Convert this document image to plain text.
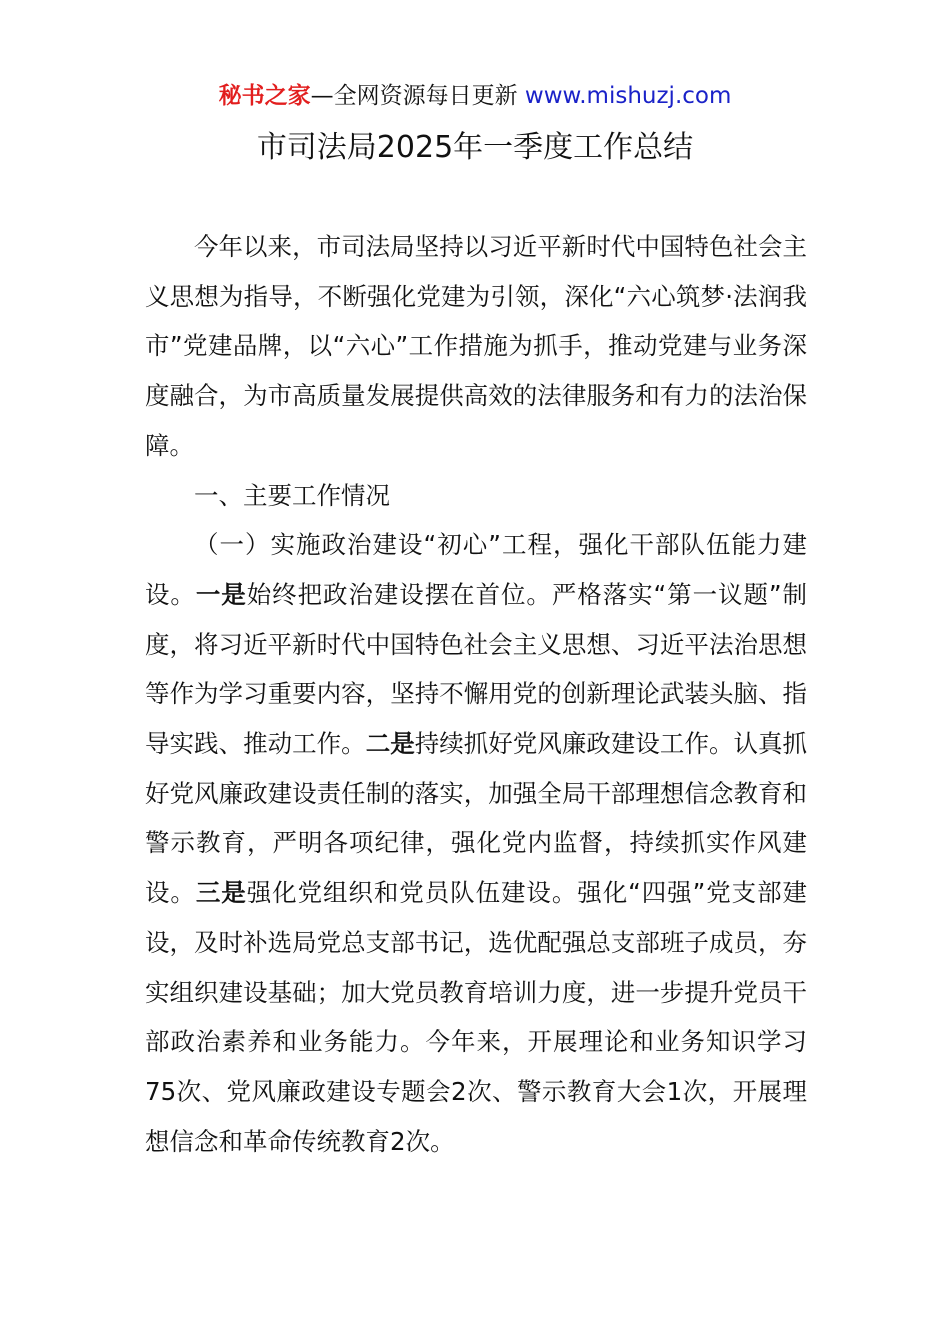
秘书之家—全网资源每日更新 www.mishuzj.com
市司法局2025年一季度工作总结

今年以来，市司法局坚持以习近平新时代中国特色社会主义思想为指导，不断强化党建为引领，深化“六心筑梦·法润我市”党建品牌，以“六心”工作措施为抓手，推动党建与业务深度融合，为市高质量发展提供高效的法律服务和有力的法治保障。

一、主要工作情况

（一）实施政治建设“初心”工程，强化干部队伍能力建设。一是始终把政治建设摆在首位。严格落实“第一议题”制度，将习近平新时代中国特色社会主义思想、习近平法治思想等作为学习重要内容，坚持不懈用党的创新理论武装头脑、指导实践、推动工作。二是持续抓好党风廉政建设工作。认真抓好党风廉政建设责任制的落实，加强全局干部理想信念教育和警示教育，严明各项纪律，强化党内监督，持续抓实作风建设。三是强化党组织和党员队伍建设。强化“四强”党支部建设，及时补选局党总支部书记，选优配强总支部班子成员，夯实组织建设基础；加大党员教育培训力度，进一步提升党员干部政治素养和业务能力。今年来，开展理论和业务知识学习75次、党风廉政建设专题会2次、警示教育大会1次，开展理想信念和革命传统教育2次。
